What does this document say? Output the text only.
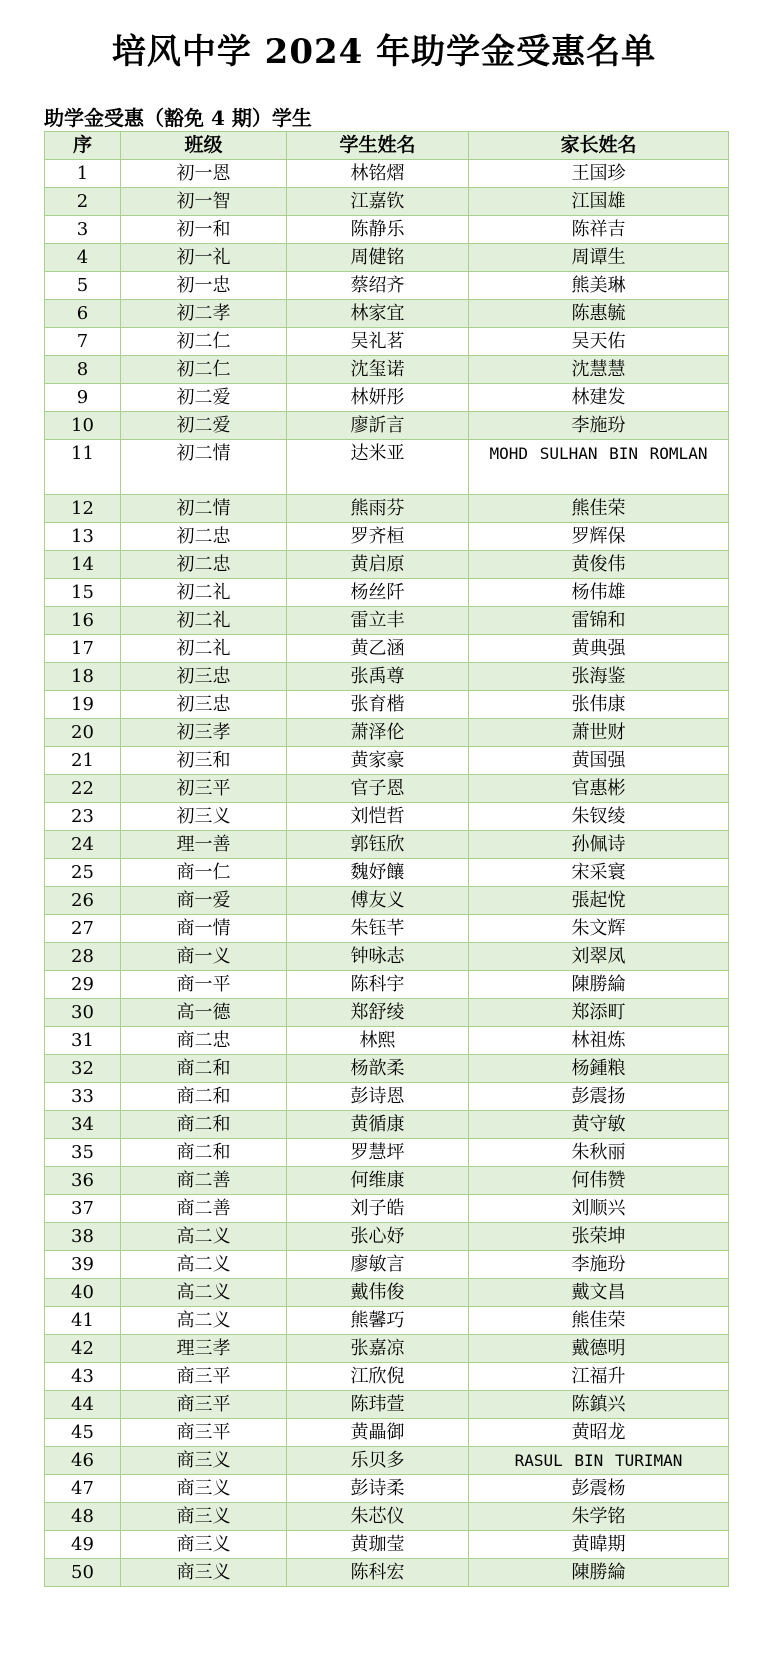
培风中学 2024 年助学金受惠名单
助学金受惠（豁免 4 期）学生
序	班级	学生姓名	家长姓名
1	初一恩	林铭熠	王国珍
2	初一智	江嘉钦	江国雄
3	初一和	陈静乐	陈祥吉
4	初一礼	周健铭	周谭生
5	初一忠	蔡绍齐	熊美琳
6	初二孝	林家宜	陈惠毓
7	初二仁	吴礼茗	吴天佑
8	初二仁	沈玺诺	沈慧慧
9	初二爱	林妍彤	林建发
10	初二爱	廖訢言	李施玢
11	初二情	达米亚	MOHD SULHAN BIN ROMLAN
12	初二情	熊雨芬	熊佳荣
13	初二忠	罗齐桓	罗辉保
14	初二忠	黄启原	黄俊伟
15	初二礼	杨丝阡	杨伟雄
16	初二礼	雷立丰	雷锦和
17	初二礼	黄乙涵	黄典强
18	初三忠	张禹尊	张海鉴
19	初三忠	张育楷	张伟康
20	初三孝	萧泽伦	萧世财
21	初三和	黄家豪	黄国强
22	初三平	官子恩	官惠彬
23	初三义	刘恺哲	朱钗绫
24	理一善	郭钰欣	孙佩诗
25	商一仁	魏妤饟	宋采寰
26	商一爱	傅友义	張起悅
27	商一情	朱钰芊	朱文辉
28	商一义	钟咏志	刘翠凤
29	商一平	陈科宇	陳勝綸
30	高一德	郑舒绫	郑添町
31	商二忠	林熙	林祖炼
32	商二和	杨歆柔	杨鍾粮
33	商二和	彭诗恩	彭震扬
34	商二和	黄循康	黄守敏
35	商二和	罗慧坪	朱秋丽
36	商二善	何维康	何伟赞
37	商二善	刘子皓	刘顺兴
38	高二义	张心妤	张荣坤
39	高二义	廖敏言	李施玢
40	高二义	戴伟俊	戴文昌
41	高二义	熊馨巧	熊佳荣
42	理三孝	张嘉凉	戴德明
43	商三平	江欣倪	江福升
44	商三平	陈玮萱	陈鎮兴
45	商三平	黄畾御	黄昭龙
46	商三义	乐贝多	RASUL BIN TURIMAN
47	商三义	彭诗柔	彭震杨
48	商三义	朱芯仪	朱学铭
49	商三义	黄珈莹	黄暐期
50	商三义	陈科宏	陳勝綸
